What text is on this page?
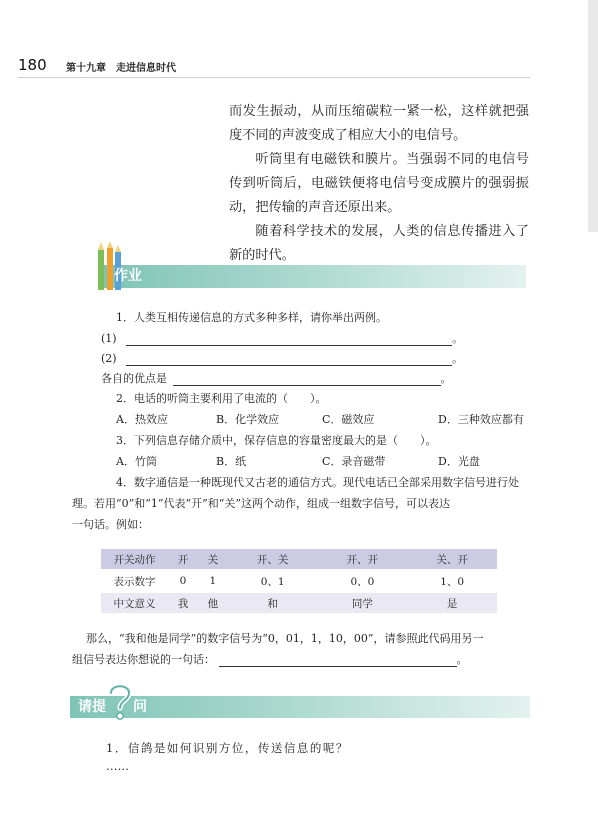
180 第十九章　走进信息时代

而发生振动，从而压缩碳粒一紧一松，这样就把强度不同的声波变成了相应大小的电信号。

听筒里有电磁铁和膜片。当强弱不同的电信号传到听筒后，电磁铁便将电信号变成膜片的强弱振动，把传输的声音还原出来。

随着科学技术的发展，人类的信息传播进入了新的时代。

作业
1．人类互相传递信息的方式多种多样，请你举出两例。
(1)	。
(2)	。
各自的优点是	。
2．电话的听筒主要利用了电流的（　　）。
A．热效应	B．化学效应	C．磁效应	D．三种效应都有
3．下列信息存储介质中，保存信息的容量密度最大的是（　　）。
A．竹筒	B．纸	C．录音磁带	D．光盘
4．数字通信是一种既现代又古老的通信方式。现代电话已全部采用数字信号进行处
理。若用“0”和“1”代表“开”和“关”这两个动作，组成一组数字信号，可以表达
一句话。例如：
开关动作	开	关	开、关	开、开	关、开
表示数字	0	1	0、1	0、0	1、0
中文意义	我	他	和	同学	是
那么，“我和他是同学”的数字信号为“0，01，1，10，00”，请参照此代码用另一
组信号表达你想说的一句话：	。
请提 问
1．信鸽是如何识别方位，传送信息的呢？
……
